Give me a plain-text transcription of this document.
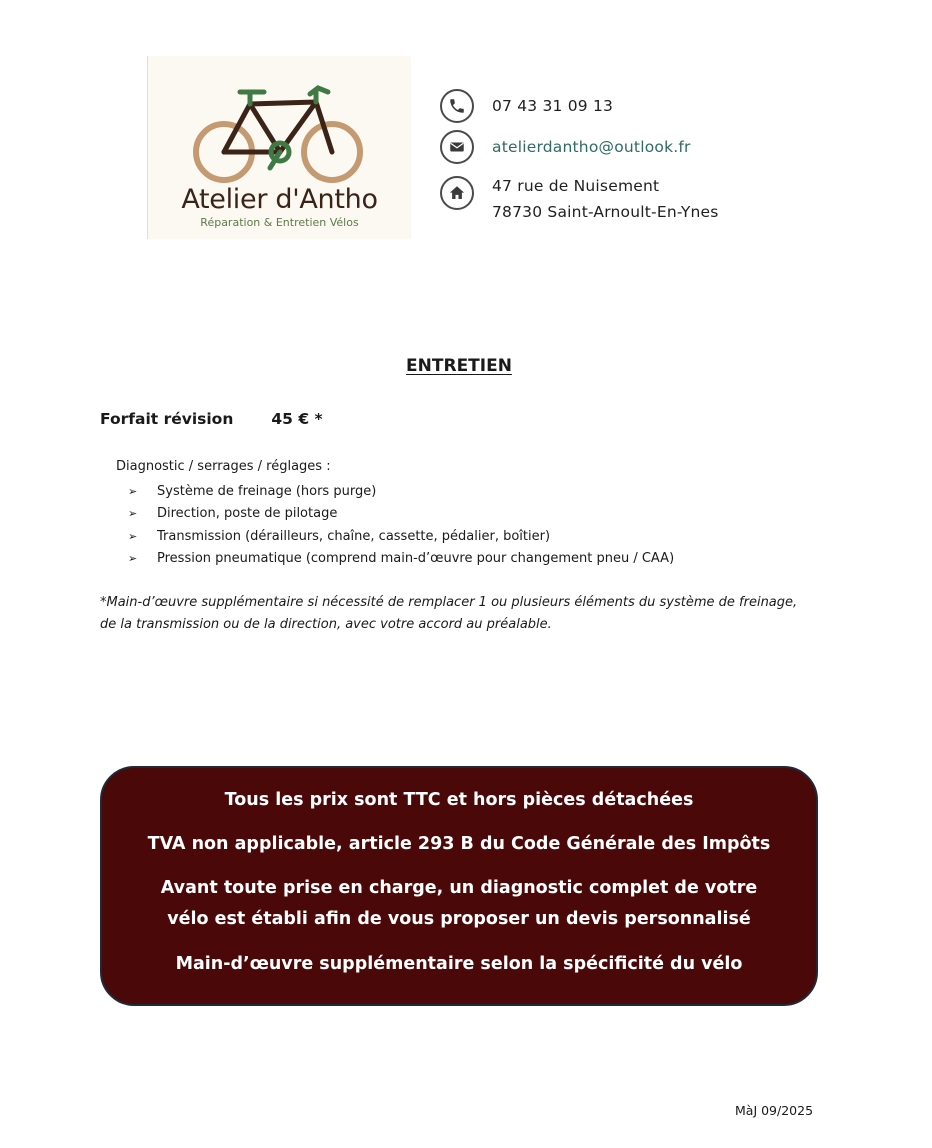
Atelier d'Antho
Réparation & Entretien Vélos
07 43 31 09 13
atelierdantho@outlook.fr
47 rue de Nuisement
78730 Saint-Arnoult-En-Ynes
ENTRETIEN
Forfait révision 45 € *
Diagnostic / serrages / réglages :
➢	Système de freinage (hors purge)
➢	Direction, poste de pilotage
➢	Transmission (dérailleurs, chaîne, cassette, pédalier, boîtier)
➢	Pression pneumatique (comprend main-d’œuvre pour changement pneu / CAA)
*Main-d’œuvre supplémentaire si nécessité de remplacer 1 ou plusieurs éléments du système de freinage, de la transmission ou de la direction, avec votre accord au préalable.
Tous les prix sont TTC et hors pièces détachées
TVA non applicable, article 293 B du Code Générale des Impôts
Avant toute prise en charge, un diagnostic complet de votre vélo est établi afin de vous proposer un devis personnalisé
Main-d’œuvre supplémentaire selon la spécificité du vélo
MàJ 09/2025
